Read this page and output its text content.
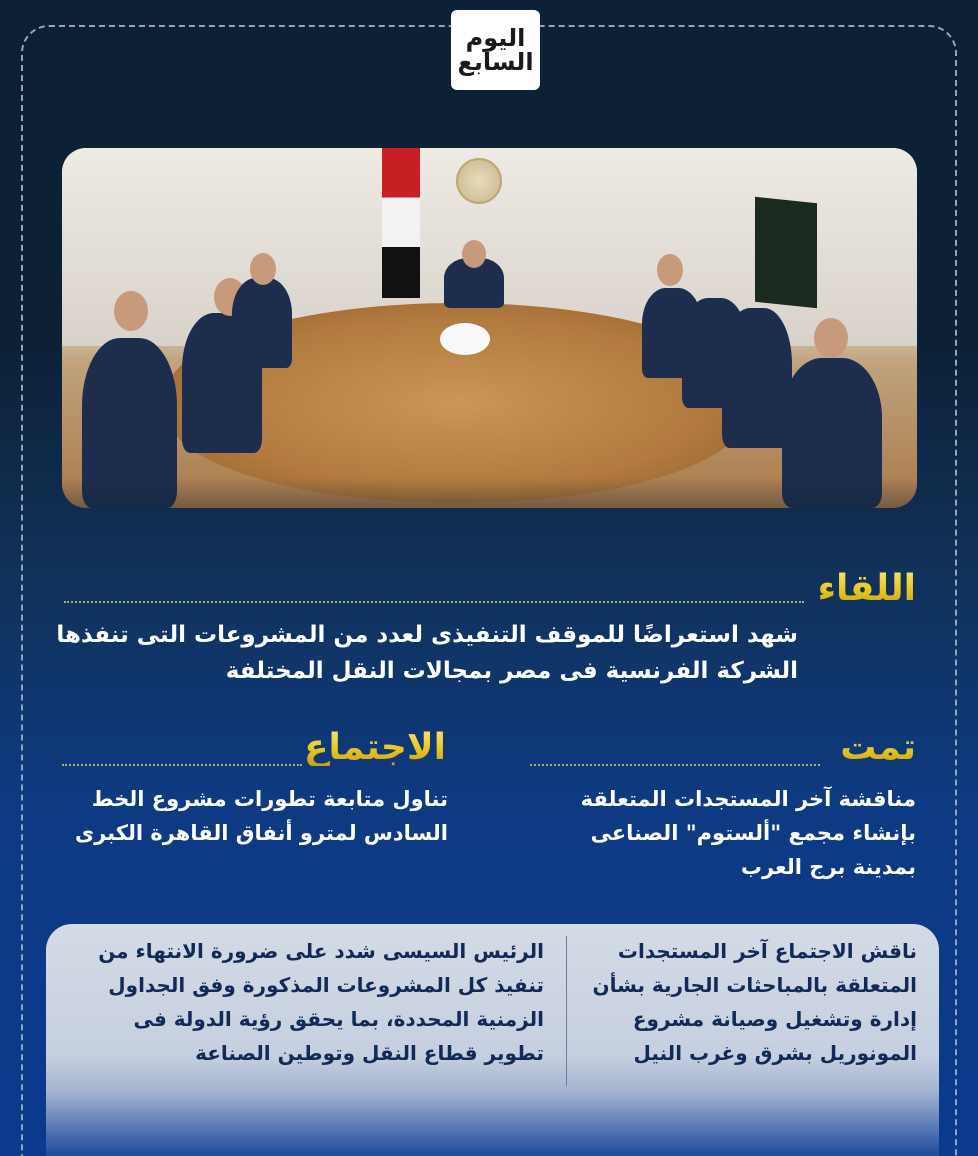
اليوم
السابع
اللقاء
شهد استعراضًا للموقف التنفيذى لعدد من المشروعات التى تنفذها
الشركة الفرنسية فى مصر بمجالات النقل المختلفة
تمت
مناقشة آخر المستجدات المتعلقة
بإنشاء مجمع "ألستوم" الصناعى
بمدينة برج العرب
الاجتماع
تناول متابعة تطورات مشروع الخط
السادس لمترو أنفاق القاهرة الكبرى
ناقش الاجتماع آخر المستجدات
المتعلقة بالمباحثات الجارية بشأن
إدارة وتشغيل وصيانة مشروع
المونوريل بشرق وغرب النيل
الرئيس السيسى شدد على ضرورة الانتهاء من
تنفيذ كل المشروعات المذكورة وفق الجداول
الزمنية المحددة، بما يحقق رؤية الدولة فى
تطوير قطاع النقل وتوطين الصناعة
